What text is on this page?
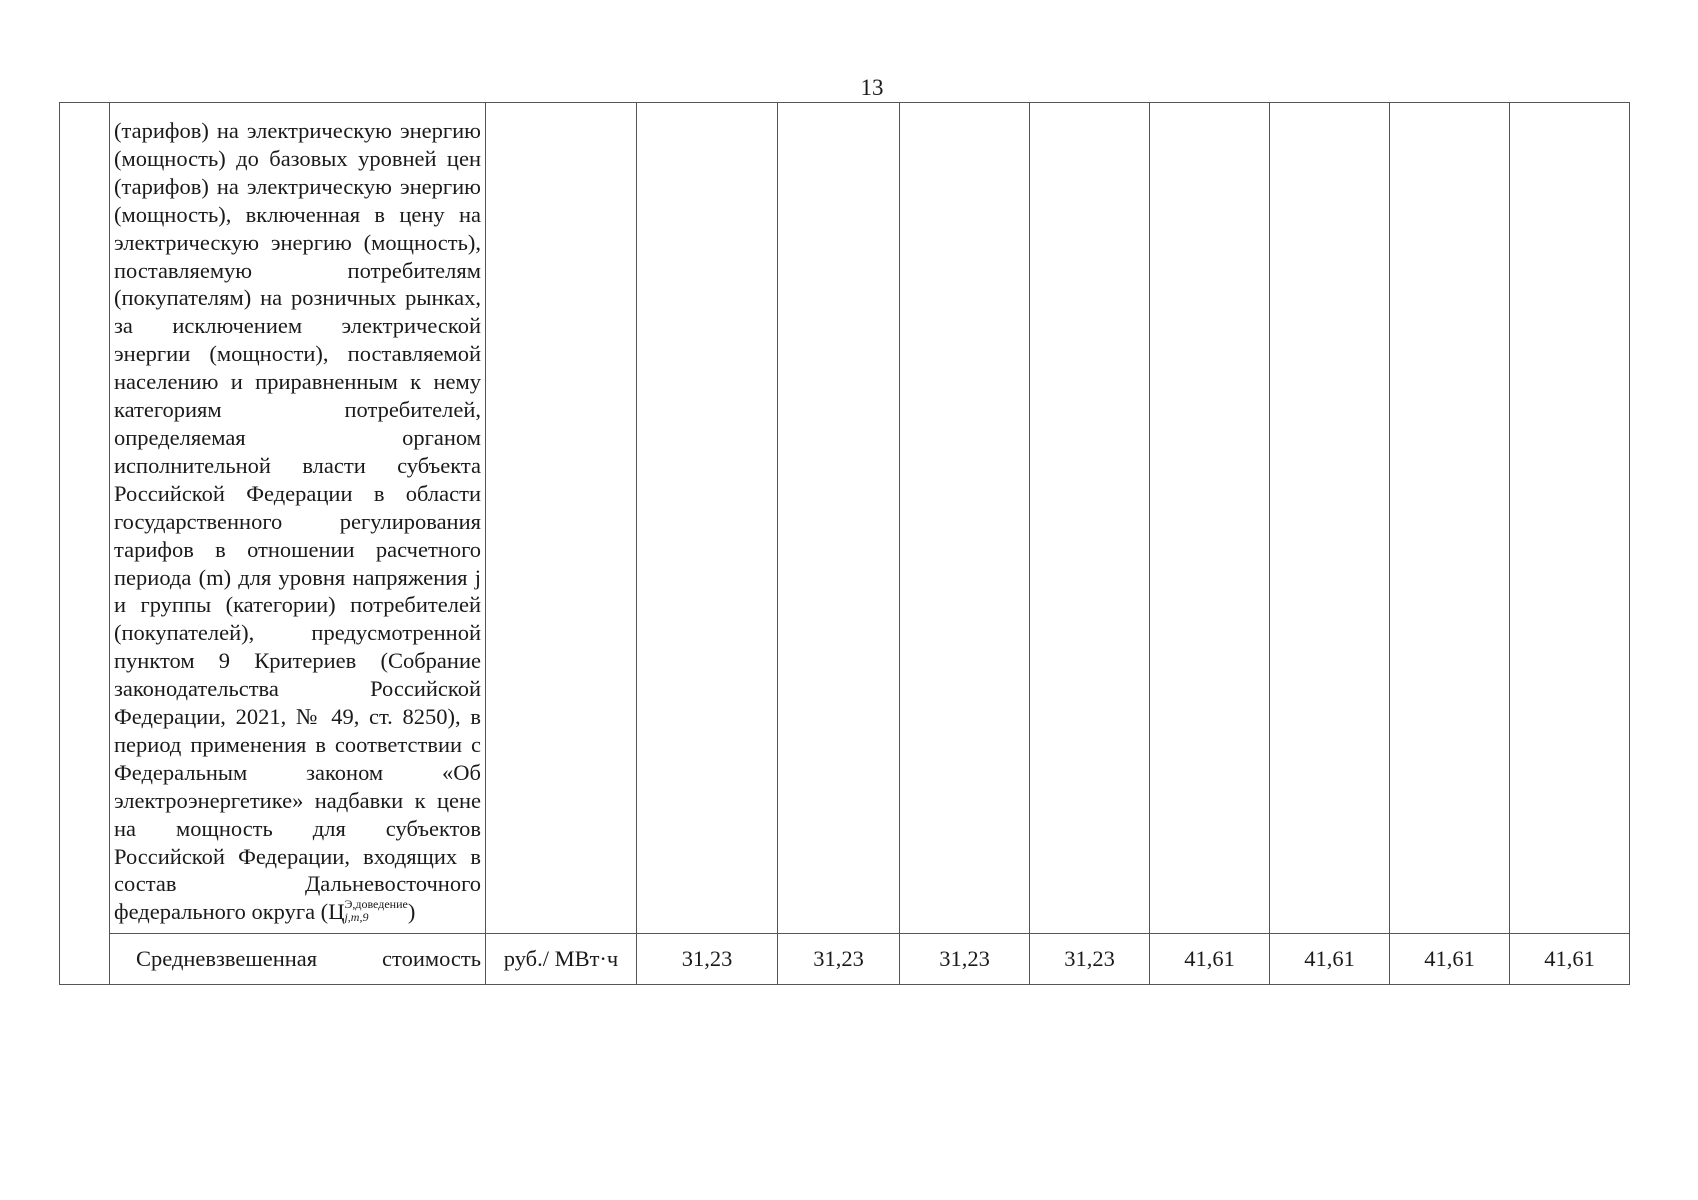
13

	(тарифов) на электрическую энергию (мощность) до базовых уровней цен (тарифов) на электрическую энергию (мощность), включенная в цену на электрическую энергию (мощность), поставляемую потребителям (покупателям) на розничных рынках, за исключением электрической энергии (мощности), поставляемой населению и приравненным к нему категориям потребителей, определяемая органом исполнительной власти субъекта Российской Федерации в области государственного регулирования тарифов в отношении расчетного периода (m) для уровня напряжения j и группы (категории) потребителей (покупателей), предусмотренной пунктом 9 Критериев (Собрание законодательства Российской Федерации, 2021, № 49, ст. 8250), в период применения в соответствии с Федеральным законом «Об электроэнергетике» надбавки к цене на мощность для субъектов Российской Федерации, входящих в состав Дальневосточного
федерального округа (Ц Э,доведение
j,m,9 )									

	Средневзвешенная стоимость	руб./ МВт·ч	31,23	31,23	31,23	31,23	41,61	41,61	41,61	41,61
